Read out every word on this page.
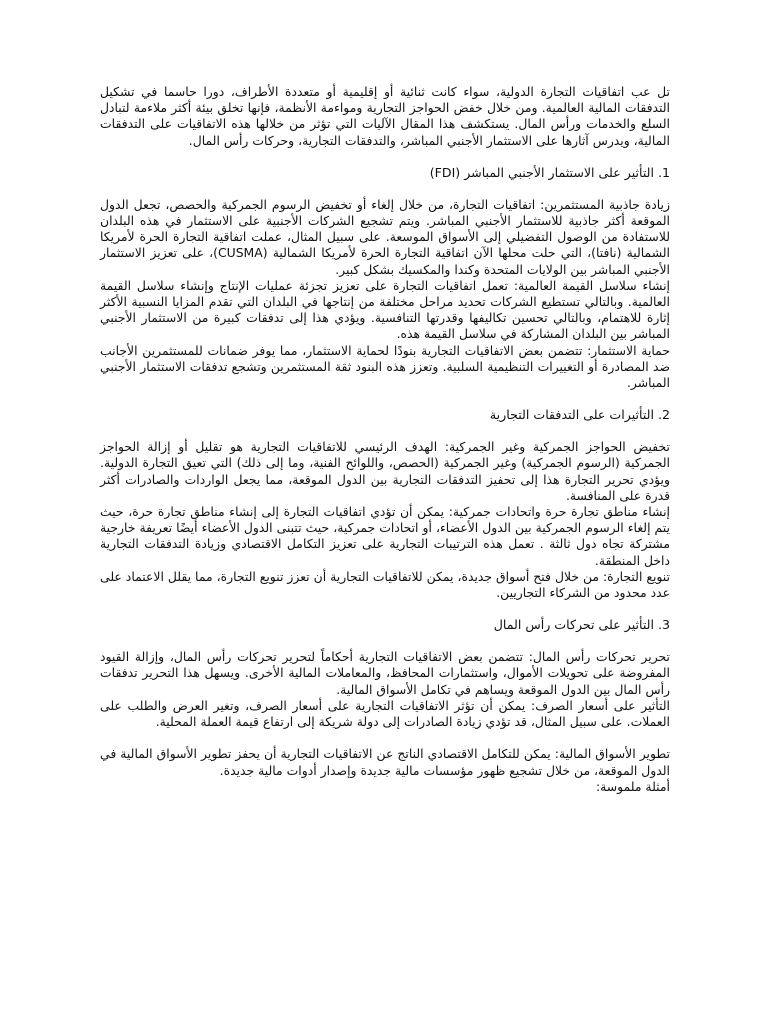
تل عب اتفاقيات التجارة الدولية، سواء كانت ثنائية أو إقليمية أو متعددة الأطراف، دورا حاسما في تشكيل التدفقات المالية العالمية. ومن خلال خفض الحواجز التجارية ومواءمة الأنظمة، فإنها تخلق بيئة أكثر ملاءمة لتبادل السلع والخدمات ورأس المال. يستكشف هذا المقال الآليات التي تؤثر من خلالها هذه الاتفاقيات على التدفقات المالية، ويدرس آثارها على الاستثمار الأجنبي المباشر، والتدفقات التجارية، وحركات رأس المال.

1. التأثير على الاستثمار الأجنبي المباشر (FDI)

زيادة جاذبية المستثمرين: اتفاقيات التجارة، من خلال إلغاء أو تخفيض الرسوم الجمركية والحصص، تجعل الدول الموقعة أكثر جاذبية للاستثمار الأجنبي المباشر. ويتم تشجيع الشركات الأجنبية على الاستثمار في هذه البلدان للاستفادة من الوصول التفضيلي إلى الأسواق الموسعة. على سبيل المثال، عملت اتفاقية التجارة الحرة لأمريكا الشمالية (نافتا)، التي حلت محلها الآن اتفاقية التجارة الحرة لأمريكا الشمالية (CUSMA)، على تعزيز الاستثمار الأجنبي المباشر بين الولايات المتحدة وكندا والمكسيك بشكل كبير.

إنشاء سلاسل القيمة العالمية: تعمل اتفاقيات التجارة على تعزيز تجزئة عمليات الإنتاج وإنشاء سلاسل القيمة العالمية. وبالتالي تستطيع الشركات تحديد مراحل مختلفة من إنتاجها في البلدان التي تقدم المزايا النسبية الأكثر إثارة للاهتمام، وبالتالي تحسين تكاليفها وقدرتها التنافسية. ويؤدي هذا إلى تدفقات كبيرة من الاستثمار الأجنبي المباشر بين البلدان المشاركة في سلاسل القيمة هذه.

حماية الاستثمار: تتضمن بعض الاتفاقيات التجارية بنودًا لحماية الاستثمار، مما يوفر ضمانات للمستثمرين الأجانب ضد المصادرة أو التغييرات التنظيمية السلبية. وتعزز هذه البنود ثقة المستثمرين وتشجع تدفقات الاستثمار الأجنبي المباشر.

2. التأثيرات على التدفقات التجارية

تخفيض الحواجز الجمركية وغير الجمركية: الهدف الرئيسي للاتفاقيات التجارية هو تقليل أو إزالة الحواجز الجمركية (الرسوم الجمركية) وغير الجمركية (الحصص، واللوائح الفنية، وما إلى ذلك) التي تعيق التجارة الدولية. ويؤدي تحرير التجارة هذا إلى تحفيز التدفقات التجارية بين الدول الموقعة، مما يجعل الواردات والصادرات أكثر قدرة على المنافسة.

إنشاء مناطق تجارة حرة واتحادات جمركية: يمكن أن تؤدي اتفاقيات التجارة إلى إنشاء مناطق تجارة حرة، حيث يتم إلغاء الرسوم الجمركية بين الدول الأعضاء، أو اتحادات جمركية، حيث تتبنى الدول الأعضاء أيضًا تعريفة خارجية مشتركة تجاه دول ثالثة . تعمل هذه الترتيبات التجارية على تعزيز التكامل الاقتصادي وزيادة التدفقات التجارية داخل المنطقة.

تنويع التجارة: من خلال فتح أسواق جديدة، يمكن للاتفاقيات التجارية أن تعزز تنويع التجارة، مما يقلل الاعتماد على عدد محدود من الشركاء التجاريين.

3. التأثير على تحركات رأس المال

تحرير تحركات رأس المال: تتضمن بعض الاتفاقيات التجارية أحكاماً لتحرير تحركات رأس المال، وإزالة القيود المفروضة على تحويلات الأموال، واستثمارات المحافظ، والمعاملات المالية الأخرى. ويسهل هذا التحرير تدفقات رأس المال بين الدول الموقعة ويساهم في تكامل الأسواق المالية.

التأثير على أسعار الصرف: يمكن أن تؤثر الاتفاقيات التجارية على أسعار الصرف، وتغير العرض والطلب على العملات. على سبيل المثال، قد تؤدي زيادة الصادرات إلى دولة شريكة إلى ارتفاع قيمة العملة المحلية.

تطوير الأسواق المالية: يمكن للتكامل الاقتصادي الناتج عن الاتفاقيات التجارية أن يحفز تطوير الأسواق المالية في الدول الموقعة، من خلال تشجيع ظهور مؤسسات مالية جديدة وإصدار أدوات مالية جديدة.

أمثلة ملموسة:
